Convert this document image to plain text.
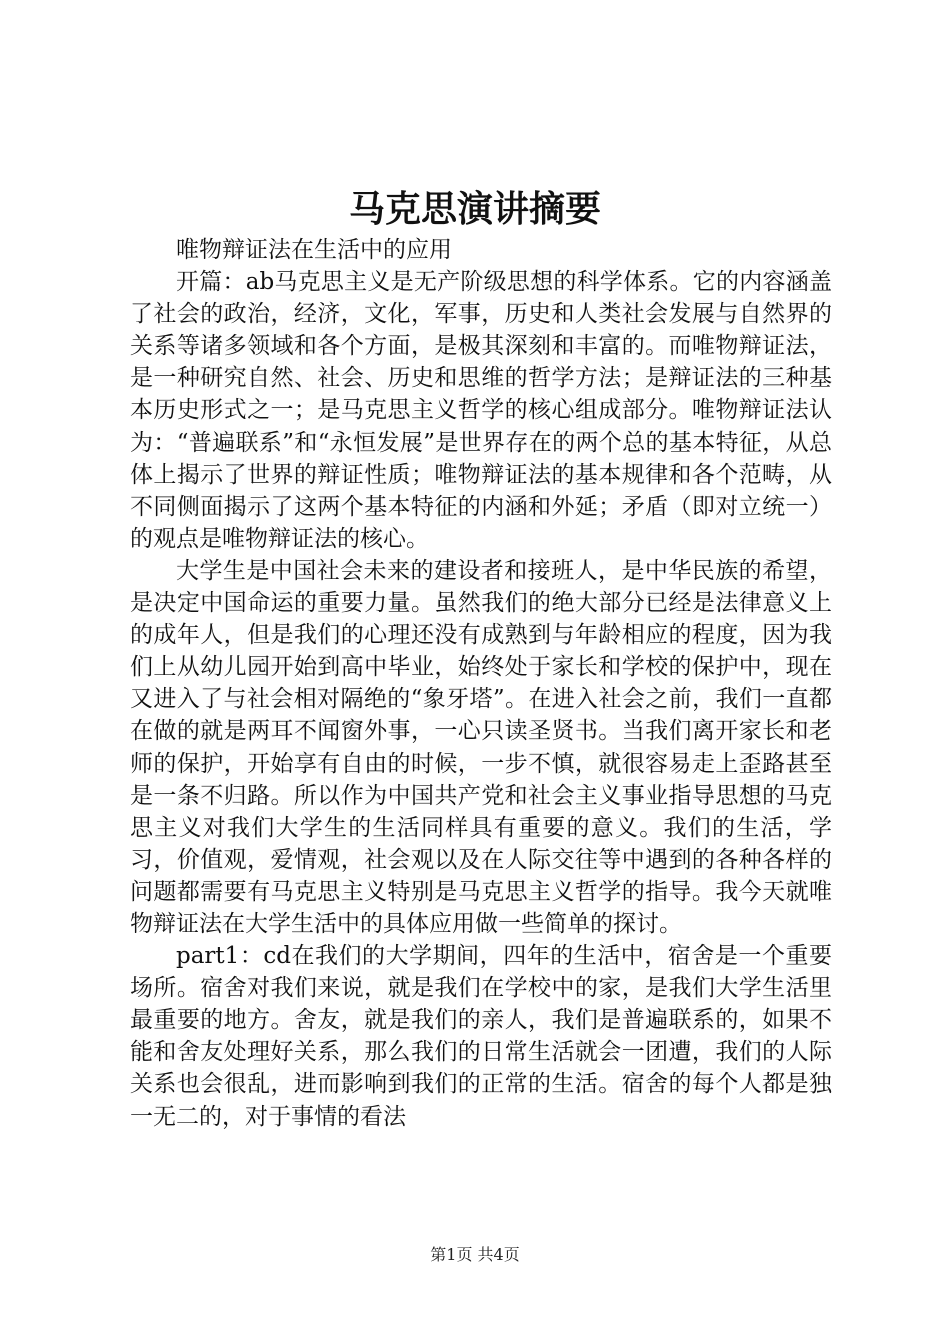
马克思演讲摘要

唯物辩证法在生活中的应用

开篇：ab马克思主义是无产阶级思想的科学体系。它的内容涵盖了社会的政治，经济，文化，军事，历史和人类社会发展与自然界的关系等诸多领域和各个方面，是极其深刻和丰富的。而唯物辩证法，是一种研究自然、社会、历史和思维的哲学方法；是辩证法的三种基本历史形式之一；是马克思主义哲学的核心组成部分。唯物辩证法认为：“普遍联系”和“永恒发展”是世界存在的两个总的基本特征，从总体上揭示了世界的辩证性质；唯物辩证法的基本规律和各个范畴，从不同侧面揭示了这两个基本特征的内涵和外延；矛盾（即对立统一）的观点是唯物辩证法的核心。

大学生是中国社会未来的建设者和接班人，是中华民族的希望，是决定中国命运的重要力量。虽然我们的绝大部分已经是法律意义上的成年人，但是我们的心理还没有成熟到与年龄相应的程度，因为我们上从幼儿园开始到高中毕业，始终处于家长和学校的保护中，现在又进入了与社会相对隔绝的“象牙塔”。在进入社会之前，我们一直都在做的就是两耳不闻窗外事，一心只读圣贤书。当我们离开家长和老师的保护，开始享有自由的时候，一步不慎，就很容易走上歪路甚至是一条不归路。所以作为中国共产党和社会主义事业指导思想的马克思主义对我们大学生的生活同样具有重要的意义。我们的生活，学习，价值观，爱情观，社会观以及在人际交往等中遇到的各种各样的问题都需要有马克思主义特别是马克思主义哲学的指导。我今天就唯物辩证法在大学生活中的具体应用做一些简单的探讨。

part1：cd在我们的大学期间，四年的生活中，宿舍是一个重要场所。宿舍对我们来说，就是我们在学校中的家，是我们大学生活里最重要的地方。舍友，就是我们的亲人，我们是普遍联系的，如果不能和舍友处理好关系，那么我们的日常生活就会一团遭，我们的人际关系也会很乱，进而影响到我们的正常的生活。宿舍的每个人都是独一无二的，对于事情的看法

第1页 共4页
